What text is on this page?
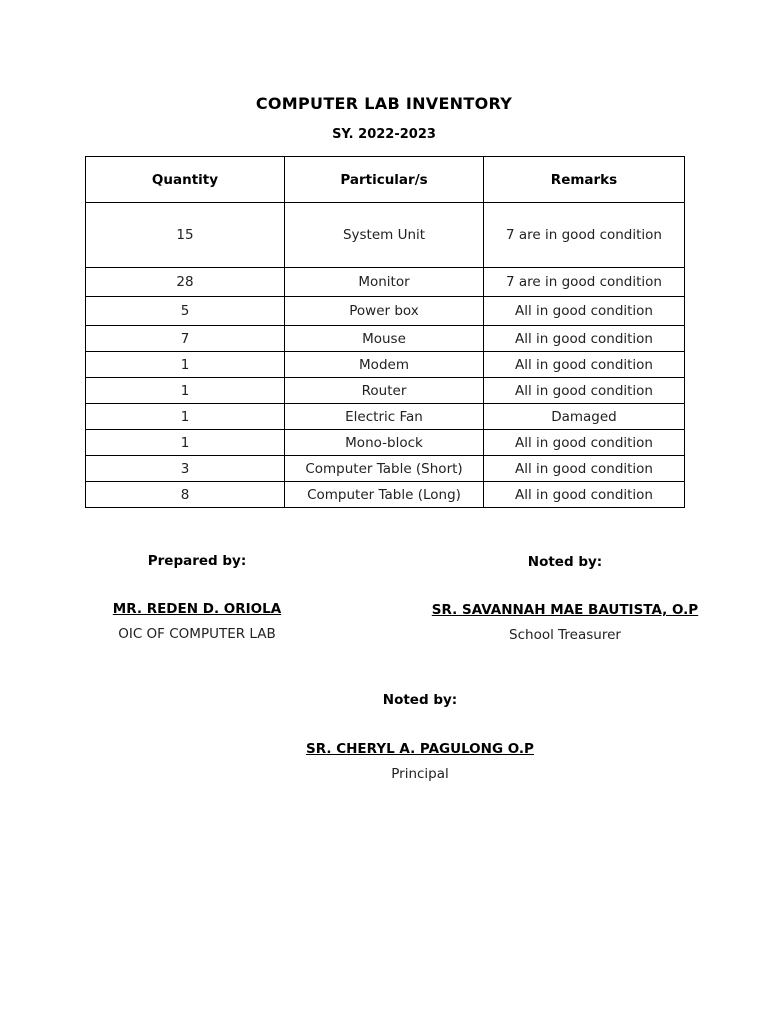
COMPUTER LAB INVENTORY
SY. 2022-2023
Quantity	Particular/s	Remarks
15	System Unit	7 are in good condition
28	Monitor	7 are in good condition
5	Power box	All in good condition
7	Mouse	All in good condition
1	Modem	All in good condition
1	Router	All in good condition
1	Electric Fan	Damaged
1	Mono-block	All in good condition
3	Computer Table (Short)	All in good condition
8	Computer Table (Long)	All in good condition
Prepared by:
MR. REDEN D. ORIOLA
OIC OF COMPUTER LAB
Noted by:
SR. SAVANNAH MAE BAUTISTA, O.P
School Treasurer
Noted by:
SR. CHERYL A. PAGULONG O.P
Principal
